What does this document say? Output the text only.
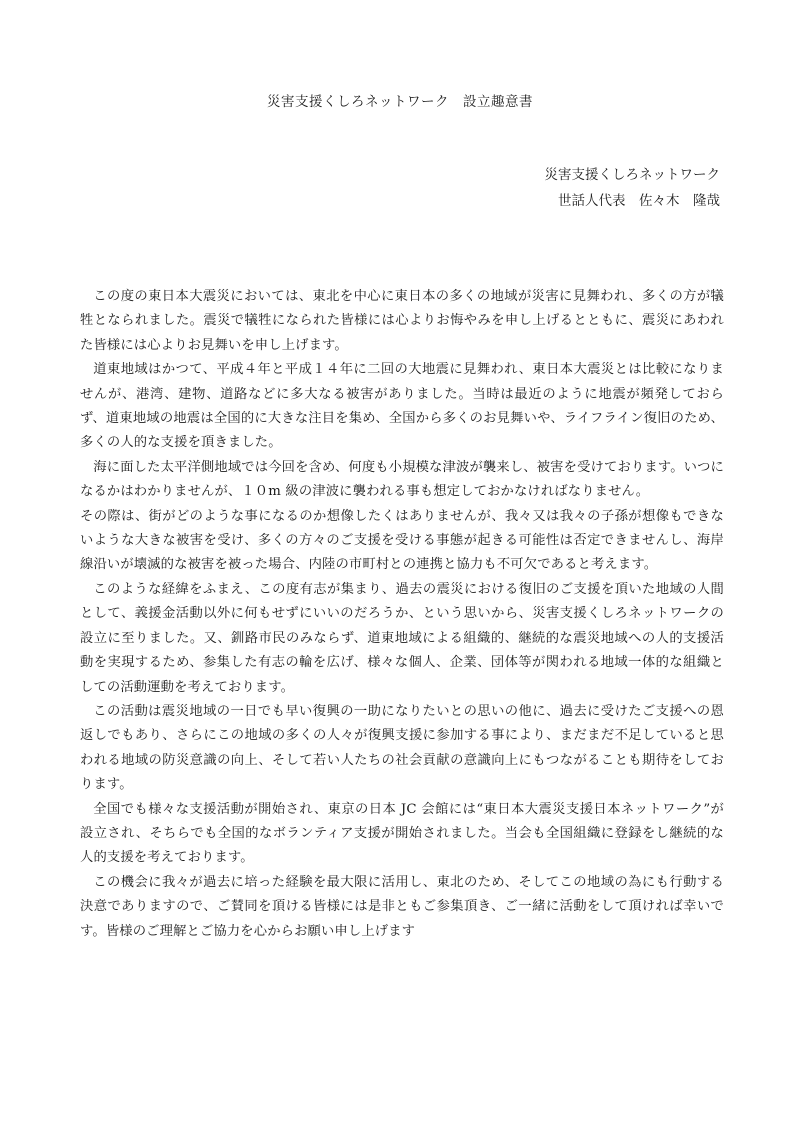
災害支援くしろネットワーク　設立趣意書
災害支援くしろネットワーク
世話人代表　佐々木　隆哉

この度の東日本大震災においては、東北を中心に東日本の多くの地域が災害に見舞われ、多くの方が犠牲となられました。震災で犠牲になられた皆様には心よりお悔やみを申し上げるとともに、震災にあわれた皆様には心よりお見舞いを申し上げます。

道東地域はかつて、平成４年と平成１４年に二回の大地震に見舞われ、東日本大震災とは比較になりませんが、港湾、建物、道路などに多大なる被害がありました。当時は最近のように地震が頻発しておらず、道東地域の地震は全国的に大きな注目を集め、全国から多くのお見舞いや、ライフライン復旧のため、多くの人的な支援を頂きました。

海に面した太平洋側地域では今回を含め、何度も小規模な津波が襲来し、被害を受けております。いつになるかはわかりませんが、１０m 級の津波に襲われる事も想定しておかなければなりません。

その際は、街がどのような事になるのか想像したくはありませんが、我々又は我々の子孫が想像もできないような大きな被害を受け、多くの方々のご支援を受ける事態が起きる可能性は否定できませんし、海岸線沿いが壊滅的な被害を被った場合、内陸の市町村との連携と協力も不可欠であると考えます。

このような経緯をふまえ、この度有志が集まり、過去の震災における復旧のご支援を頂いた地域の人間として、義援金活動以外に何もせずにいいのだろうか、という思いから、災害支援くしろネットワークの設立に至りました。又、釧路市民のみならず、道東地域による組織的、継続的な震災地域への人的支援活動を実現するため、参集した有志の輪を広げ、様々な個人、企業、団体等が関われる地域一体的な組織としての活動運動を考えております。

この活動は震災地域の一日でも早い復興の一助になりたいとの思いの他に、過去に受けたご支援への恩返しでもあり、さらにこの地域の多くの人々が復興支援に参加する事により、まだまだ不足していると思われる地域の防災意識の向上、そして若い人たちの社会貢献の意識向上にもつながることも期待をしております。

全国でも様々な支援活動が開始され、東京の日本 JC 会館には“東日本大震災支援日本ネットワーク”が設立され、そちらでも全国的なボランティア支援が開始されました。当会も全国組織に登録をし継続的な人的支援を考えております。

この機会に我々が過去に培った経験を最大限に活用し、東北のため、そしてこの地域の為にも行動する決意でありますので、ご賛同を頂ける皆様には是非ともご参集頂き、ご一緒に活動をして頂ければ幸いです。皆様のご理解とご協力を心からお願い申し上げます
